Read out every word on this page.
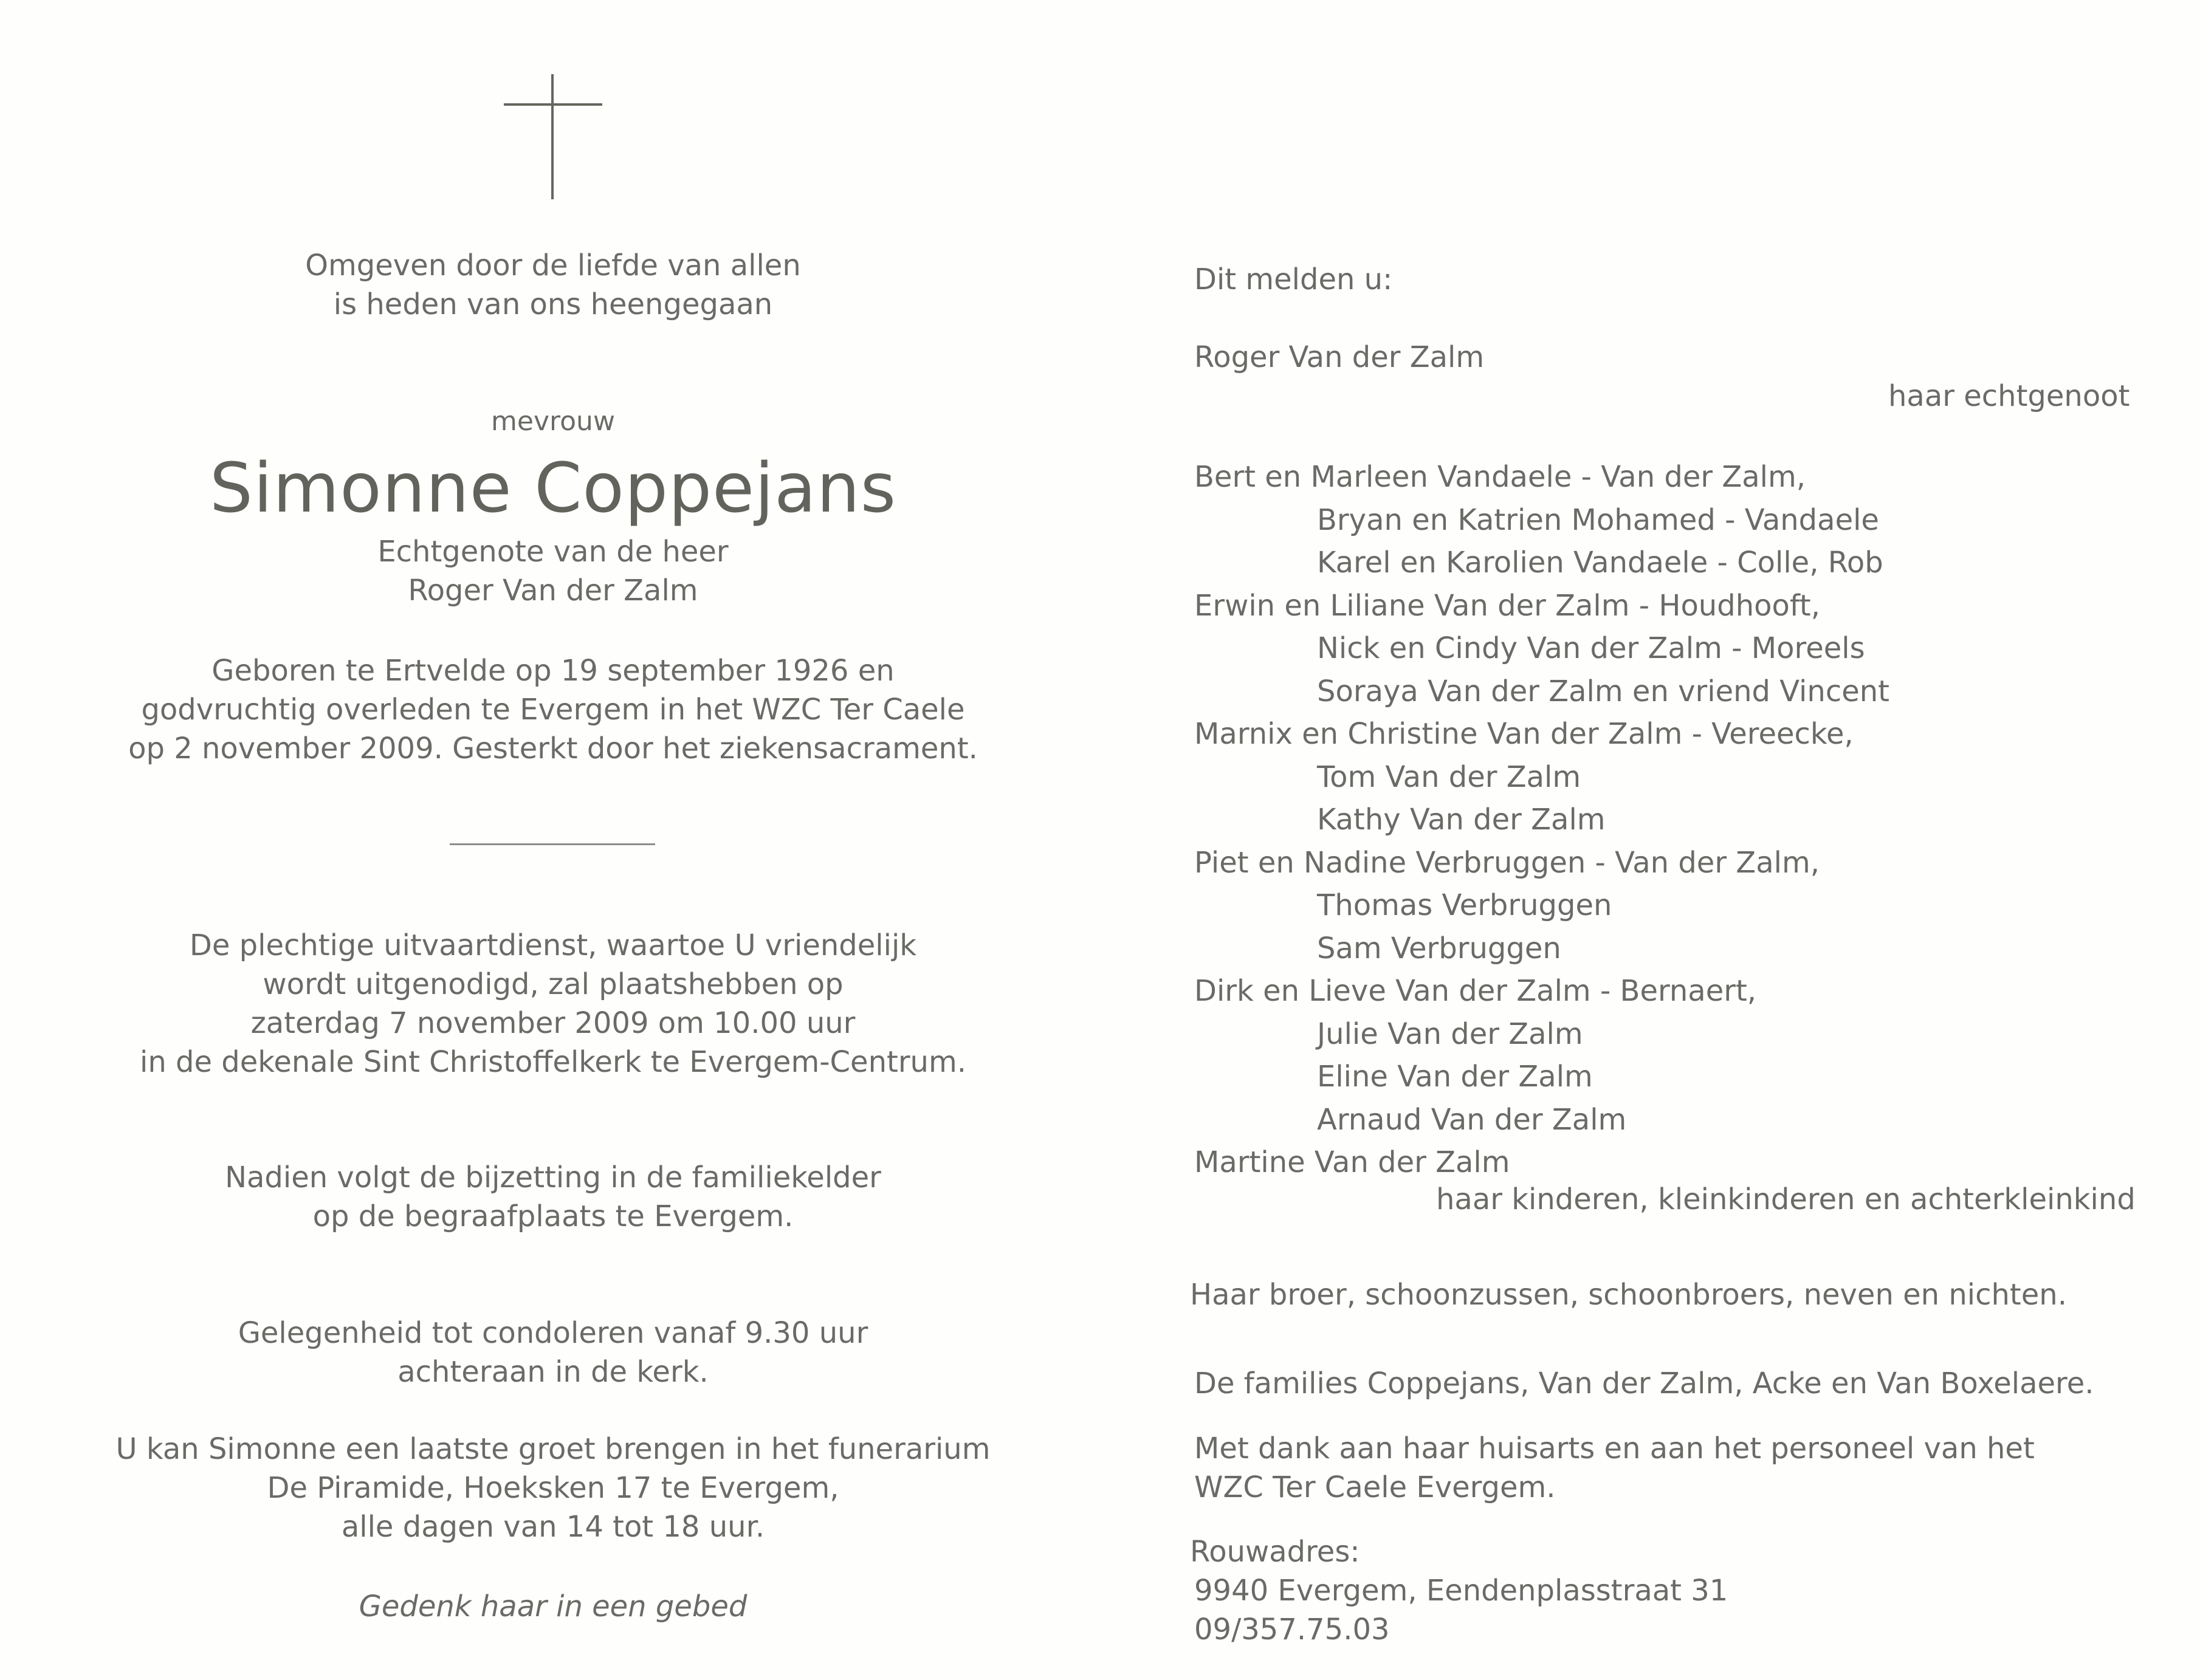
Omgeven door de liefde van allen
is heden van ons heengegaan
mevrouw
Simonne Coppejans
Echtgenote van de heer
Roger Van der Zalm
Geboren te Ertvelde op 19 september 1926 en
godvruchtig overleden te Evergem in het WZC Ter Caele
op 2 november 2009. Gesterkt door het ziekensacrament.
De plechtige uitvaartdienst, waartoe U vriendelijk
wordt uitgenodigd, zal plaatshebben op
zaterdag 7 november 2009 om 10.00 uur
in de dekenale Sint Christoffelkerk te Evergem-Centrum.
Nadien volgt de bijzetting in de familiekelder
op de begraafplaats te Evergem.
Gelegenheid tot condoleren vanaf 9.30 uur
achteraan in de kerk.
U kan Simonne een laatste groet brengen in het funerarium
De Piramide, Hoeksken 17 te Evergem,
alle dagen van 14 tot 18 uur.
Gedenk haar in een gebed
Dit melden u:
Roger Van der Zalm
haar echtgenoot
Bert en Marleen Vandaele - Van der Zalm,
Bryan en Katrien Mohamed - Vandaele
Karel en Karolien Vandaele - Colle, Rob
Erwin en Liliane Van der Zalm - Houdhooft,
Nick en Cindy Van der Zalm - Moreels
Soraya Van der Zalm en vriend Vincent
Marnix en Christine Van der Zalm - Vereecke,
Tom Van der Zalm
Kathy Van der Zalm
Piet en Nadine Verbruggen - Van der Zalm,
Thomas Verbruggen
Sam Verbruggen
Dirk en Lieve Van der Zalm - Bernaert,
Julie Van der Zalm
Eline Van der Zalm
Arnaud Van der Zalm
Martine Van der Zalm
haar kinderen, kleinkinderen en achterkleinkind
Haar broer, schoonzussen, schoonbroers, neven en nichten.
De families Coppejans, Van der Zalm, Acke en Van Boxelaere.
Met dank aan haar huisarts en aan het personeel van het
WZC Ter Caele Evergem.
Rouwadres:
9940 Evergem, Eendenplasstraat 31
09/357.75.03
